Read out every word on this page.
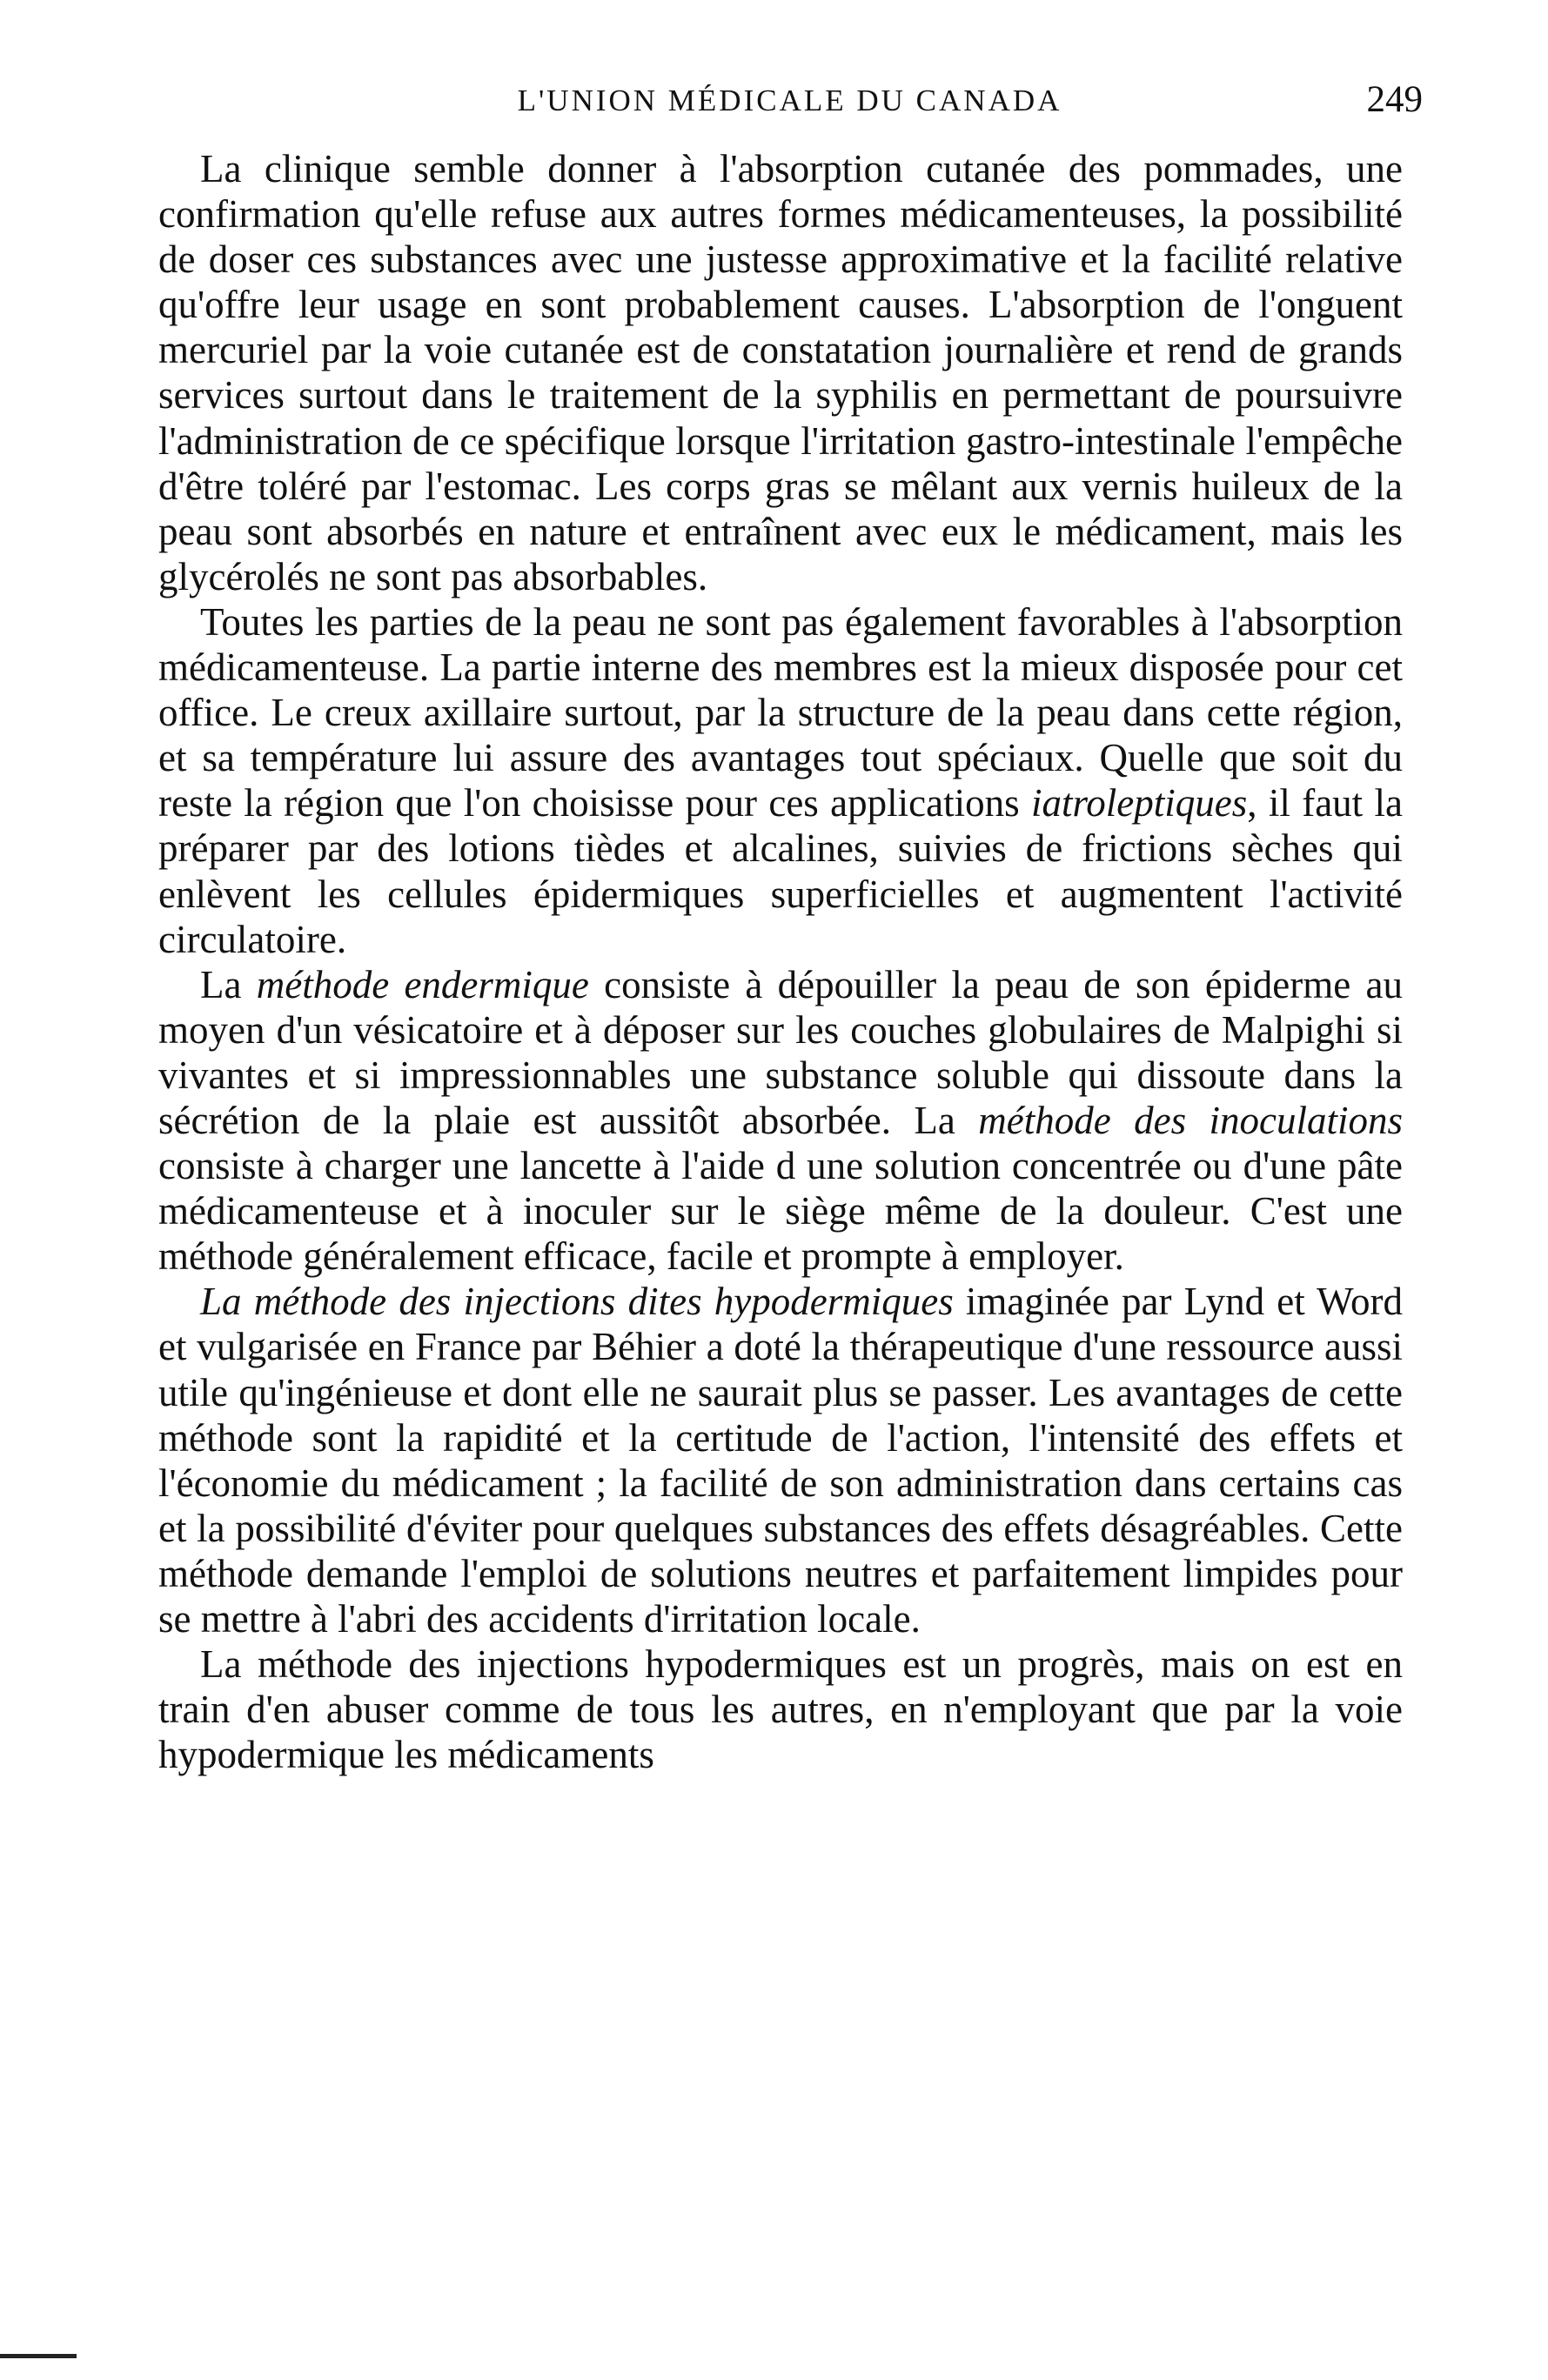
L'UNION MÉDICALE DU CANADA	249

La clinique semble donner à l'absorption cutanée des pommades, une confirmation qu'elle refuse aux autres formes médicamenteuses, la possibilité de doser ces substances avec une justesse approximative et la facilité relative qu'offre leur usage en sont probablement causes. L'absorption de l'onguent mercuriel par la voie cutanée est de constatation journalière et rend de grands services surtout dans le traitement de la syphilis en permettant de poursuivre l'administration de ce spécifique lorsque l'irritation gastro-intestinale l'empêche d'être toléré par l'estomac. Les corps gras se mêlant aux vernis huileux de la peau sont absorbés en nature et entraînent avec eux le médicament, mais les glycérolés ne sont pas absorbables.

Toutes les parties de la peau ne sont pas également favorables à l'absorption médicamenteuse. La partie interne des membres est la mieux disposée pour cet office. Le creux axillaire surtout, par la structure de la peau dans cette région, et sa température lui assure des avantages tout spéciaux. Quelle que soit du reste la région que l'on choisisse pour ces applications iatroleptiques, il faut la préparer par des lotions tièdes et alcalines, suivies de frictions sèches qui enlèvent les cellules épidermiques superficielles et augmentent l'activité circulatoire.

La méthode endermique consiste à dépouiller la peau de son épiderme au moyen d'un vésicatoire et à déposer sur les couches globulaires de Malpighi si vivantes et si impressionnables une substance soluble qui dissoute dans la sécrétion de la plaie est aussitôt absorbée. La méthode des inoculations consiste à charger une lancette à l'aide d une solution concentrée ou d'une pâte médicamenteuse et à inoculer sur le siège même de la douleur. C'est une méthode généralement efficace, facile et prompte à employer.

La méthode des injections dites hypodermiques imaginée par Lynd et Word et vulgarisée en France par Béhier a doté la thérapeutique d'une ressource aussi utile qu'ingénieuse et dont elle ne saurait plus se passer. Les avantages de cette méthode sont la rapidité et la certitude de l'action, l'intensité des effets et l'économie du médicament ; la facilité de son administration dans certains cas et la possibilité d'éviter pour quelques substances des effets désagréables. Cette méthode demande l'emploi de solutions neutres et parfaitement limpides pour se mettre à l'abri des accidents d'irritation locale.

La méthode des injections hypodermiques est un progrès, mais on est en train d'en abuser comme de tous les autres, en n'employant que par la voie hypodermique les médicaments
